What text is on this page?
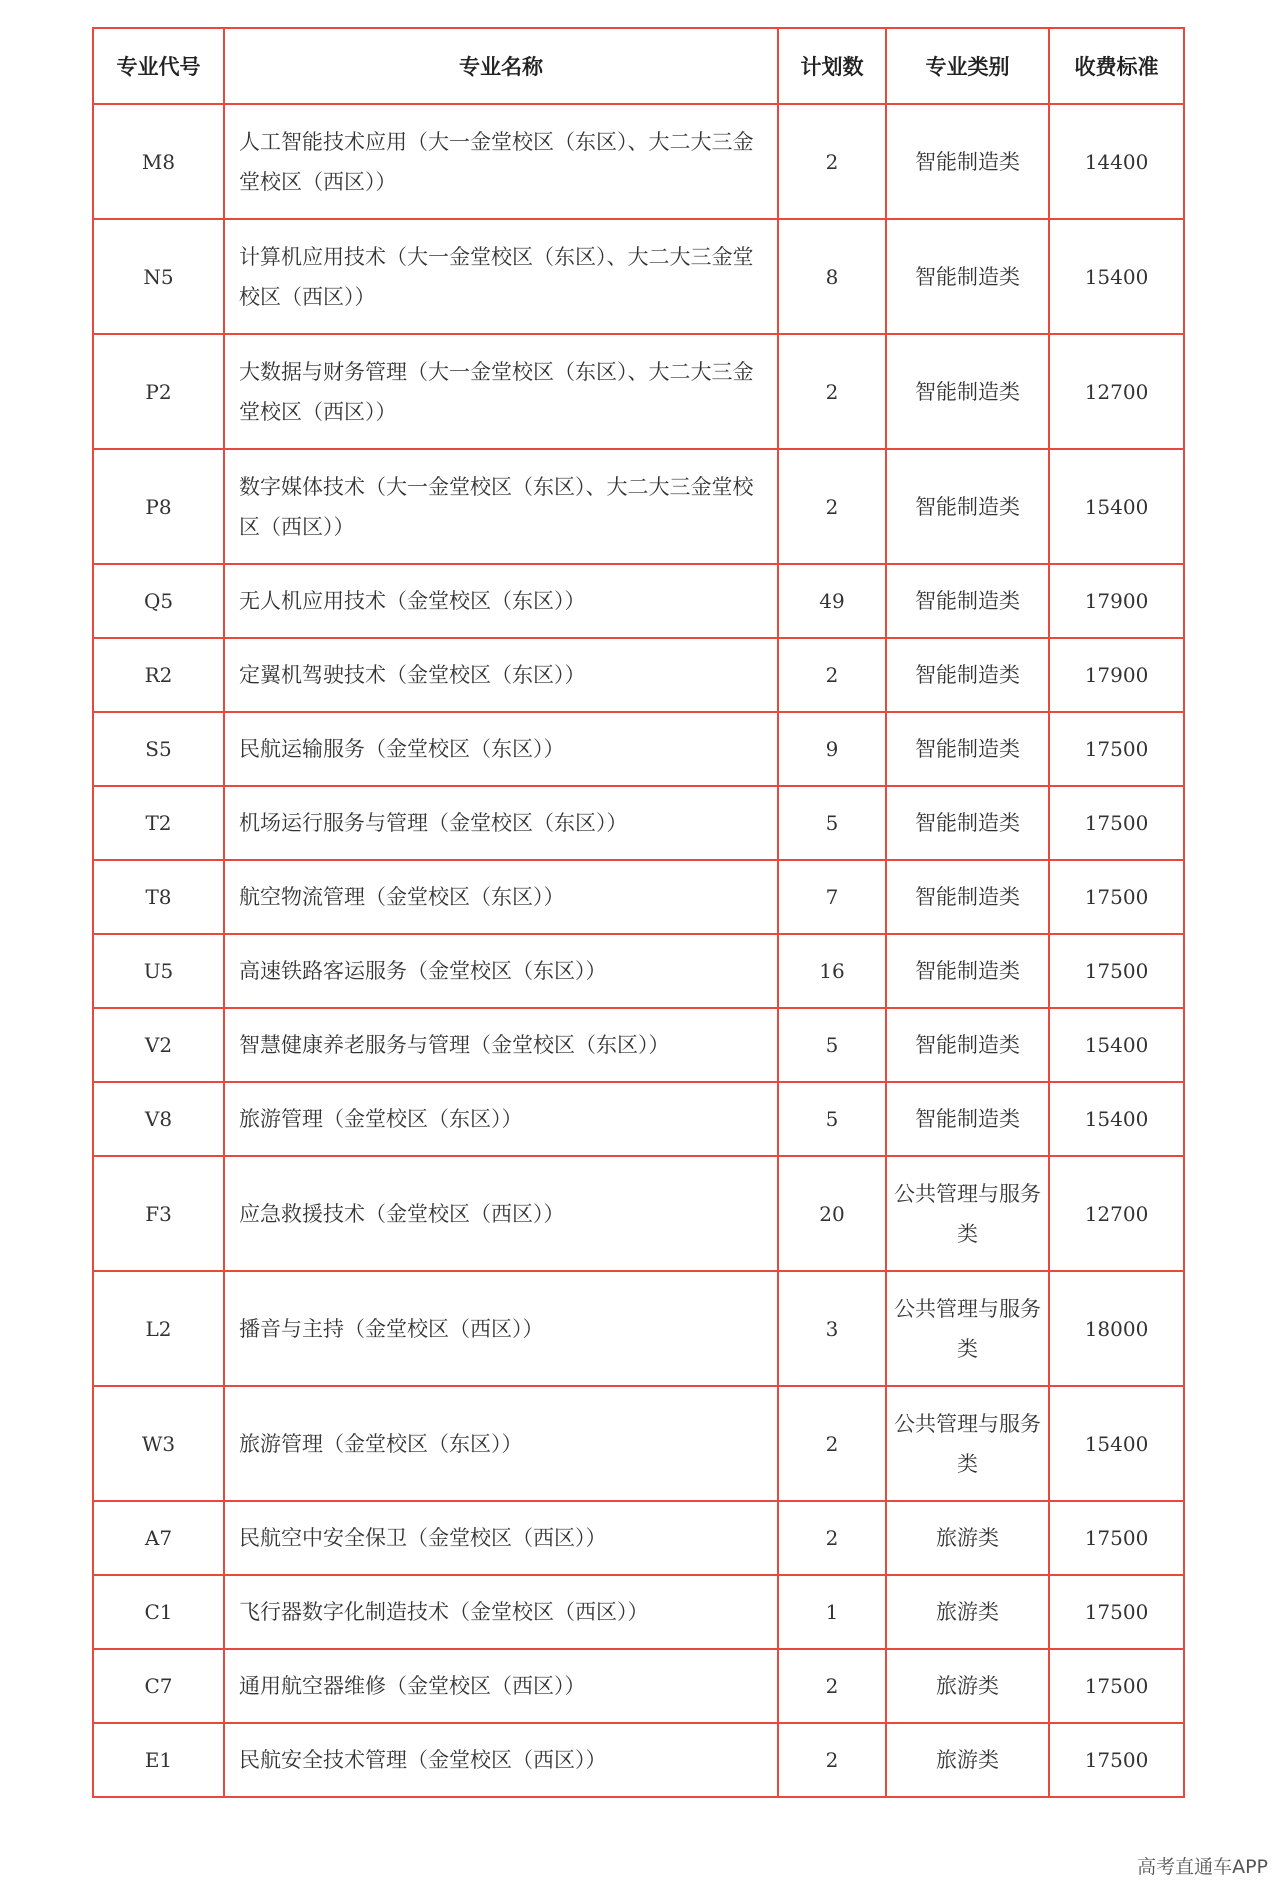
专业代号	专业名称	计划数	专业类别	收费标准
M8	人工智能技术应用（大一金堂校区（东区）、大二大三金堂校区（西区））	2	智能制造类	14400
N5	计算机应用技术（大一金堂校区（东区）、大二大三金堂校区（西区））	8	智能制造类	15400
P2	大数据与财务管理（大一金堂校区（东区）、大二大三金堂校区（西区））	2	智能制造类	12700
P8	数字媒体技术（大一金堂校区（东区）、大二大三金堂校区（西区））	2	智能制造类	15400
Q5	无人机应用技术（金堂校区（东区））	49	智能制造类	17900
R2	定翼机驾驶技术（金堂校区（东区））	2	智能制造类	17900
S5	民航运输服务（金堂校区（东区））	9	智能制造类	17500
T2	机场运行服务与管理（金堂校区（东区））	5	智能制造类	17500
T8	航空物流管理（金堂校区（东区））	7	智能制造类	17500
U5	高速铁路客运服务（金堂校区（东区））	16	智能制造类	17500
V2	智慧健康养老服务与管理（金堂校区（东区））	5	智能制造类	15400
V8	旅游管理（金堂校区（东区））	5	智能制造类	15400
F3	应急救援技术（金堂校区（西区））	20	公共管理与服务类	12700
L2	播音与主持（金堂校区（西区））	3	公共管理与服务类	18000
W3	旅游管理（金堂校区（东区））	2	公共管理与服务类	15400
A7	民航空中安全保卫（金堂校区（西区））	2	旅游类	17500
C1	飞行器数字化制造技术（金堂校区（西区））	1	旅游类	17500
C7	通用航空器维修（金堂校区（西区））	2	旅游类	17500
E1	民航安全技术管理（金堂校区（西区））	2	旅游类	17500
高考直通车APP
